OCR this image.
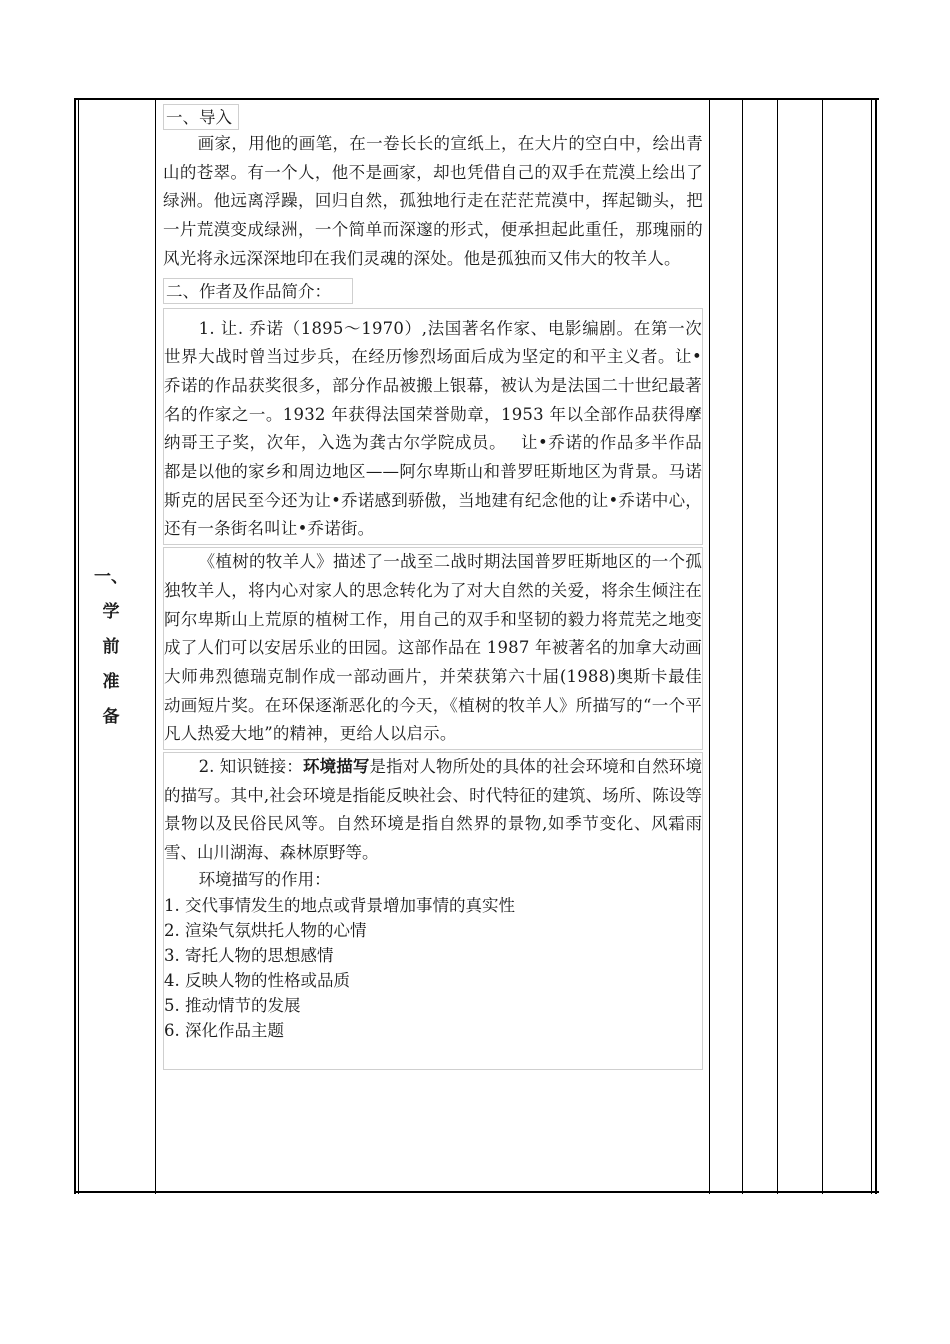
一、
学
前
准
备
一、导入

画家，用他的画笔，在一卷长长的宣纸上，在大片的空白中，绘出青山的苍翠。有一个人，他不是画家，却也凭借自己的双手在荒漠上绘出了绿洲。他远离浮躁，回归自然，孤独地行走在茫茫荒漠中，挥起锄头，把一片荒漠变成绿洲，一个简单而深邃的形式，便承担起此重任，那瑰丽的风光将永远深深地印在我们灵魂的深处。他是孤独而又伟大的牧羊人。

二、作者及作品简介：

1. 让. 乔诺（1895～1970）,法国著名作家、电影编剧。在第一次世界大战时曾当过步兵，在经历惨烈场面后成为坚定的和平主义者。让•乔诺的作品获奖很多，部分作品被搬上银幕，被认为是法国二十世纪最著名的作家之一。1932 年获得法国荣誉勋章，1953 年以全部作品获得摩纳哥王子奖，次年，入选为龚古尔学院成员。　 让•乔诺的作品多半作品都是以他的家乡和周边地区——阿尔卑斯山和普罗旺斯地区为背景。马诺斯克的居民至今还为让•乔诺感到骄傲，当地建有纪念他的让•乔诺中心，还有一条街名叫让•乔诺街。

《植树的牧羊人》描述了一战至二战时期法国普罗旺斯地区的一个孤独牧羊人，将内心对家人的思念转化为了对大自然的关爱，将余生倾注在阿尔卑斯山上荒原的植树工作，用自己的双手和坚韧的毅力将荒芜之地变成了人们可以安居乐业的田园。这部作品在 1987 年被著名的加拿大动画大师弗烈德瑞克制作成一部动画片，并荣获第六十届(1988)奥斯卡最佳动画短片奖。在环保逐渐恶化的今天，《植树的牧羊人》所描写的“一个平凡人热爱大地”的精神，更给人以启示。

2. 知识链接：环境描写是指对人物所处的具体的社会环境和自然环境的描写。其中,社会环境是指能反映社会、时代特征的建筑、场所、陈设等景物以及民俗民风等。自然环境是指自然界的景物,如季节变化、风霜雨雪、山川湖海、森林原野等。

环境描写的作用：

1. 交代事情发生的地点或背景增加事情的真实性
2. 渲染气氛烘托人物的心情
3. 寄托人物的思想感情
4. 反映人物的性格或品质
5. 推动情节的发展
6. 深化作品主题
